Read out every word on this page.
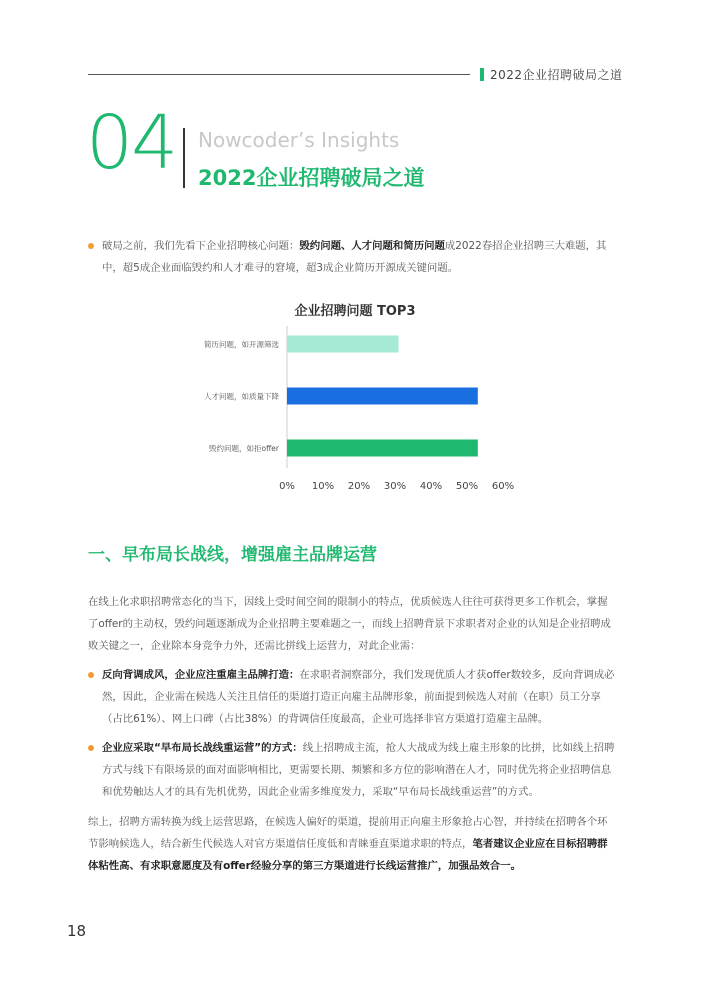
2022企业招聘破局之道
04 Nowcoder’s Insights
2022企业招聘破局之道
破局之前，我们先看下企业招聘核心问题：毁约问题、人才问题和简历问题成2022春招企业招聘三大难题，其
中，超5成企业面临毁约和人才难寻的窘境，超3成企业简历开源成关键问题。
企业招聘问题 TOP3
简历问题，如开源筛选
人才问题，如质量下降
毁约问题，如拒offer
0% 10% 20% 30% 40% 50% 60%
一、早布局长战线，增强雇主品牌运营
在线上化求职招聘常态化的当下，因线上受时间空间的限制小的特点，优质候选人往往可获得更多工作机会，掌握
了offer的主动权，毁约问题逐渐成为企业招聘主要难题之一，而线上招聘背景下求职者对企业的认知是企业招聘成
败关键之一，企业除本身竞争力外，还需比拼线上运营力，对此企业需：
反向背调成风，企业应注重雇主品牌打造：在求职者洞察部分，我们发现优质人才获offer数较多，反向背调成必
然，因此，企业需在候选人关注且信任的渠道打造正向雇主品牌形象，前面提到候选人对前（在职）员工分享
（占比61%）、网上口碑（占比38%）的背调信任度最高，企业可选择非官方渠道打造雇主品牌。
企业应采取“早布局长战线重运营”的方式：线上招聘成主流，抢人大战成为线上雇主形象的比拼，比如线上招聘
方式与线下有限场景的面对面影响相比，更需要长期、频繁和多方位的影响潜在人才，同时优先将企业招聘信息
和优势触达人才的具有先机优势，因此企业需多维度发力，采取“早布局长战线重运营”的方式。
综上，招聘方需转换为线上运营思路，在候选人偏好的渠道，提前用正向雇主形象抢占心智，并持续在招聘各个环
节影响候选人，结合新生代候选人对官方渠道信任度低和青睐垂直渠道求职的特点，笔者建议企业应在目标招聘群
体粘性高、有求职意愿度及有offer经验分享的第三方渠道进行长线运营推广，加强品效合一。
18
